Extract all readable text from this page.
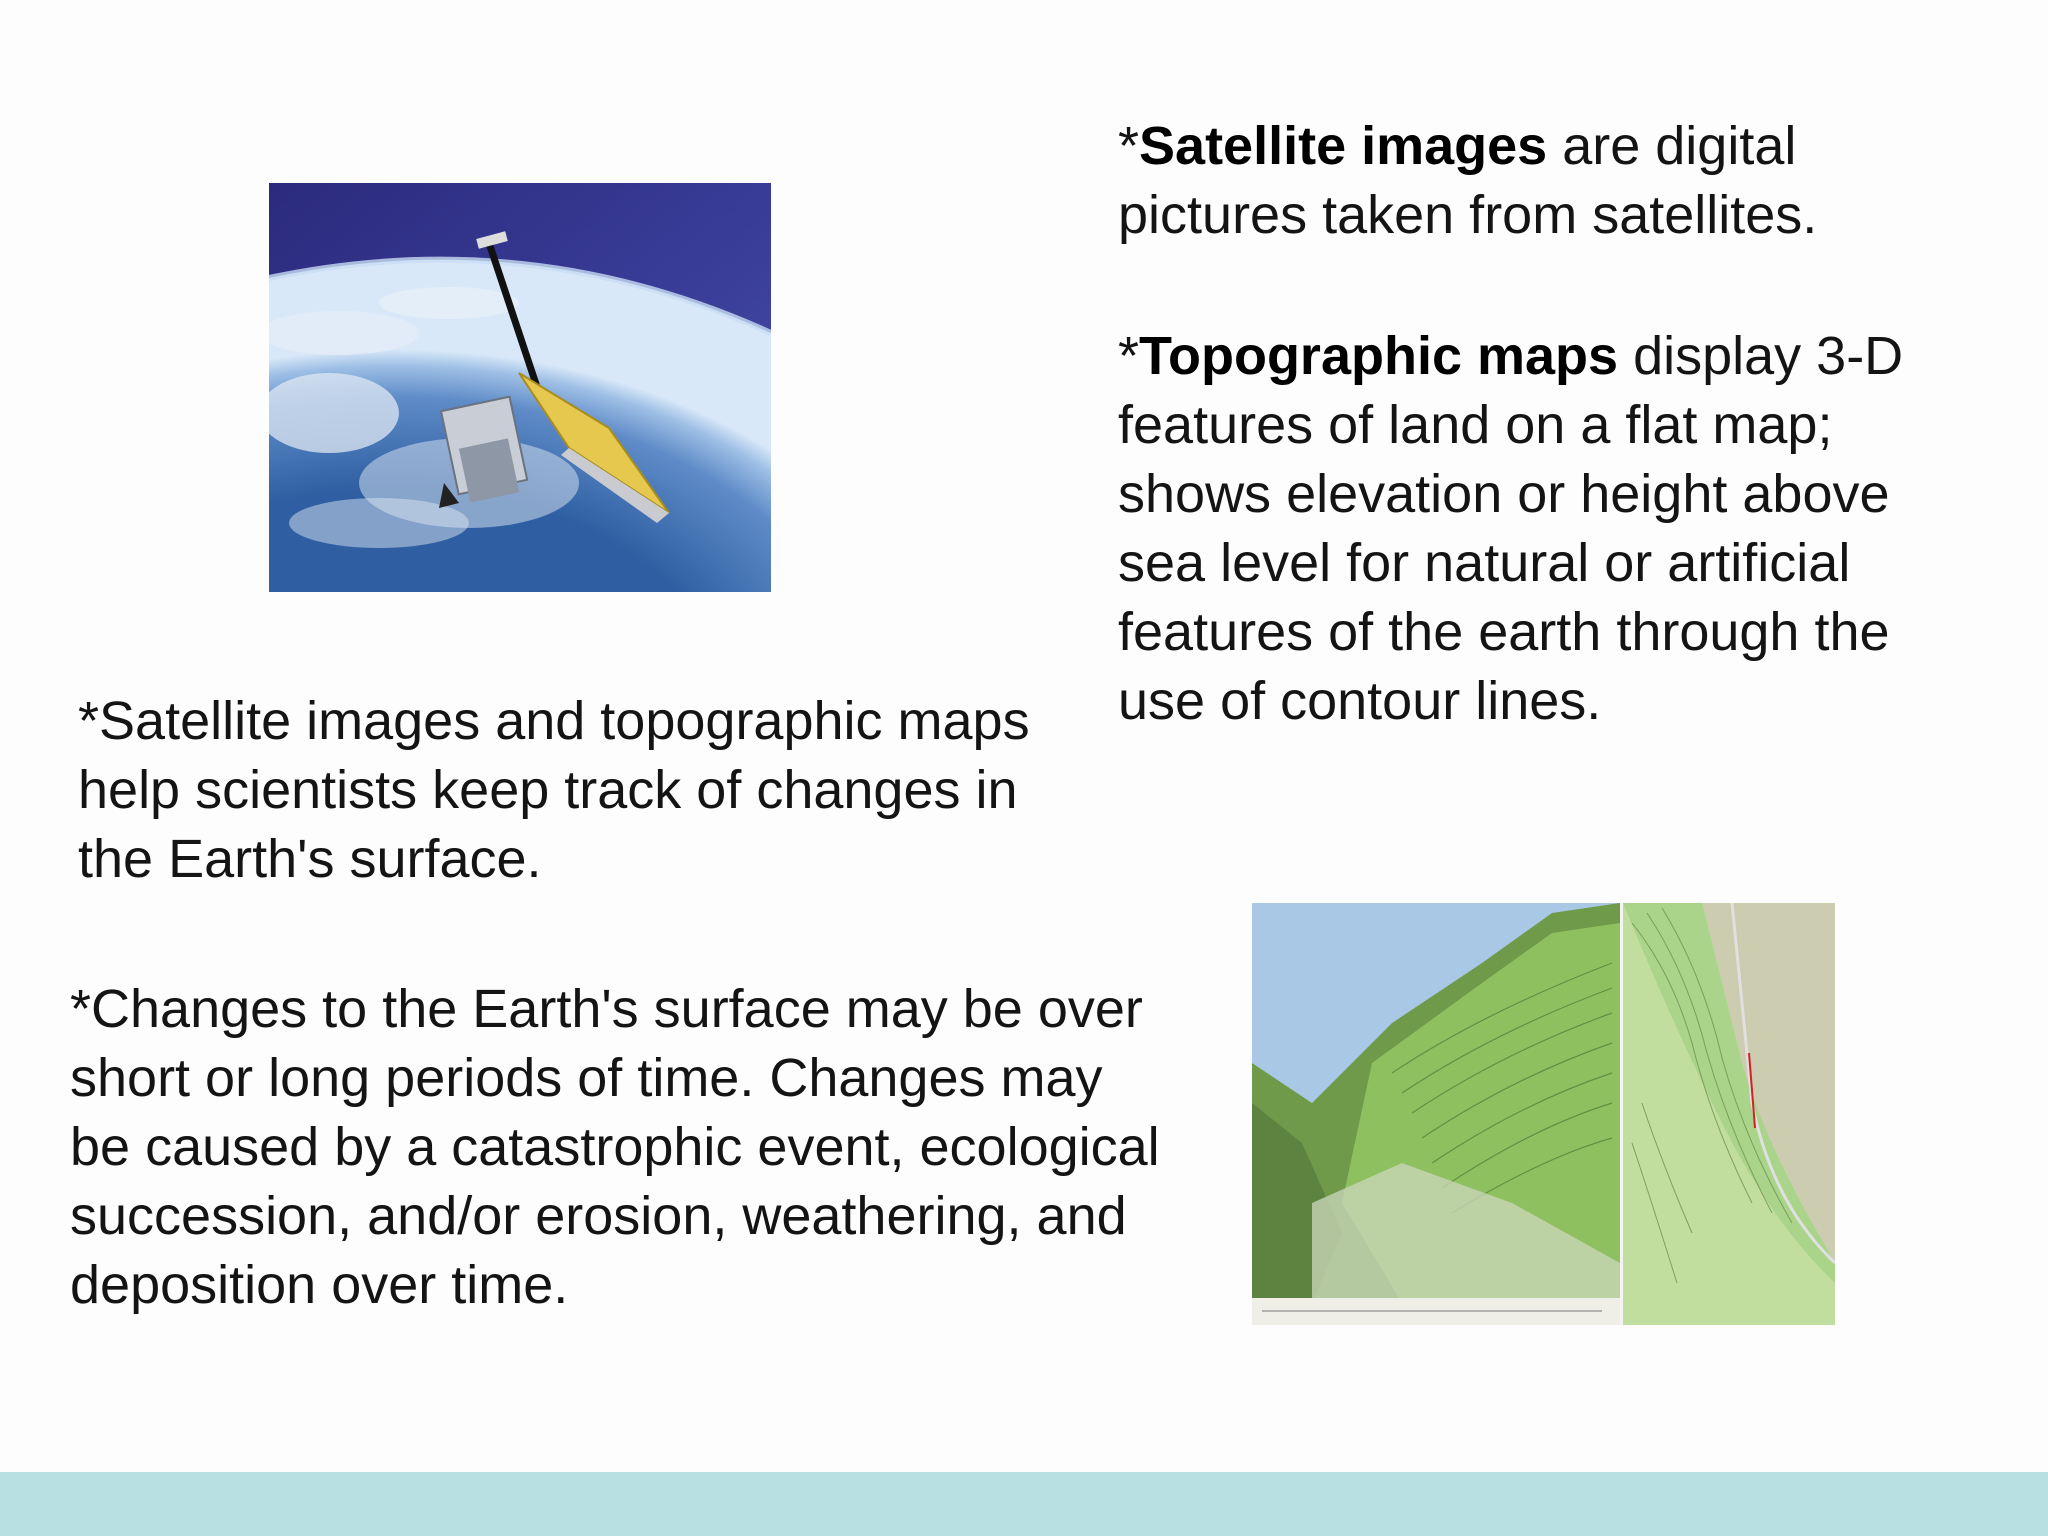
*Satellite images are digital pictures taken from satellites.

*Topographic maps display 3-D features of land on a flat map; shows elevation or height above sea level for natural or artificial features of the earth through the use of contour lines.

*Satellite images and topographic maps help scientists keep track of changes in the Earth's surface.

*Changes to the Earth's surface may be over short or long periods of time. Changes may be caused by a catastrophic event, ecological succession, and/or erosion, weathering, and deposition over time.
